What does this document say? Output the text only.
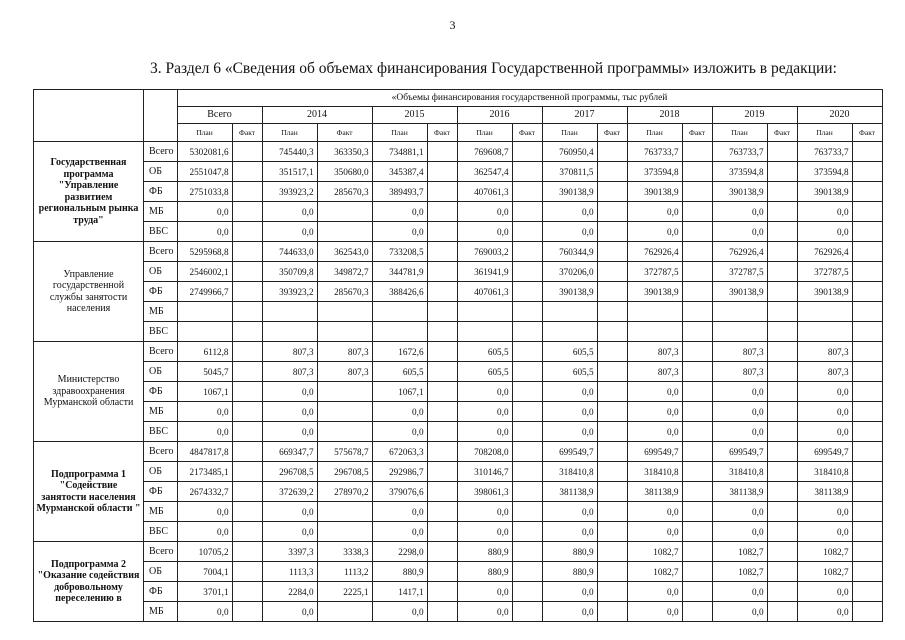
3
3. Раздел 6 «Сведения об объемах финансирования Государственной программы» изложить в редакции:
		«Объемы финансирования государственной программы, тыс рублей															
		Всего		2014		2015		2016		2017		2018		2019		2020	
		План	Факт	План	Факт	План	Факт	План	Факт	План	Факт	План	Факт	План	Факт	План	Факт
Государственная программа "Управление развитием региональным рынка труда"	Всего	5302081,6		745440,3	363350,3	734881,1		769608,7		760950,4		763733,7		763733,7		763733,7	
	ОБ	2551047,8		351517,1	350680,0	345387,4		362547,4		370811,5		373594,8		373594,8		373594,8	
	ФБ	2751033,8		393923,2	285670,3	389493,7		407061,3		390138,9		390138,9		390138,9		390138,9	
	МБ	0,0		0,0		0,0		0,0		0,0		0,0		0,0		0,0	
	ВБС	0,0		0,0		0,0		0,0		0,0		0,0		0,0		0,0	
Управление государственной службы занятости населения	Всего	5295968,8		744633,0	362543,0	733208,5		769003,2		760344,9		762926,4		762926,4		762926,4	
	ОБ	2546002,1		350709,8	349872,7	344781,9		361941,9		370206,0		372787,5		372787,5		372787,5	
	ФБ	2749966,7		393923,2	285670,3	388426,6		407061,3		390138,9		390138,9		390138,9		390138,9	
	МБ																
	ВБС																
Министерство здравоохранения Мурманской области	Всего	6112,8		807,3	807,3	1672,6		605,5		605,5		807,3		807,3		807,3	
	ОБ	5045,7		807,3	807,3	605,5		605,5		605,5		807,3		807,3		807,3	
	ФБ	1067,1		0,0		1067,1		0,0		0,0		0,0		0,0		0,0	
	МБ	0,0		0,0		0,0		0,0		0,0		0,0		0,0		0,0	
	ВБС	0,0		0,0		0,0		0,0		0,0		0,0		0,0		0,0	
Подпрограмма 1 "Содействие занятости населения Мурманской области "	Всего	4847817,8		669347,7	575678,7	672063,3		708208,0		699549,7		699549,7		699549,7		699549,7	
	ОБ	2173485,1		296708,5	296708,5	292986,7		310146,7		318410,8		318410,8		318410,8		318410,8	
	ФБ	2674332,7		372639,2	278970,2	379076,6		398061,3		381138,9		381138,9		381138,9		381138,9	
	МБ	0,0		0,0		0,0		0,0		0,0		0,0		0,0		0,0	
	ВБС	0,0		0,0		0,0		0,0		0,0		0,0		0,0		0,0	
Подпрограмма 2 "Оказание содействия добровольному переселению в	Всего	10705,2		3397,3	3338,3	2298,0		880,9		880,9		1082,7		1082,7		1082,7	
	ОБ	7004,1		1113,3	1113,2	880,9		880,9		880,9		1082,7		1082,7		1082,7	
	ФБ	3701,1		2284,0	2225,1	1417,1		0,0		0,0		0,0		0,0		0,0	
	МБ	0,0		0,0		0,0		0,0		0,0		0,0		0,0		0,0	
